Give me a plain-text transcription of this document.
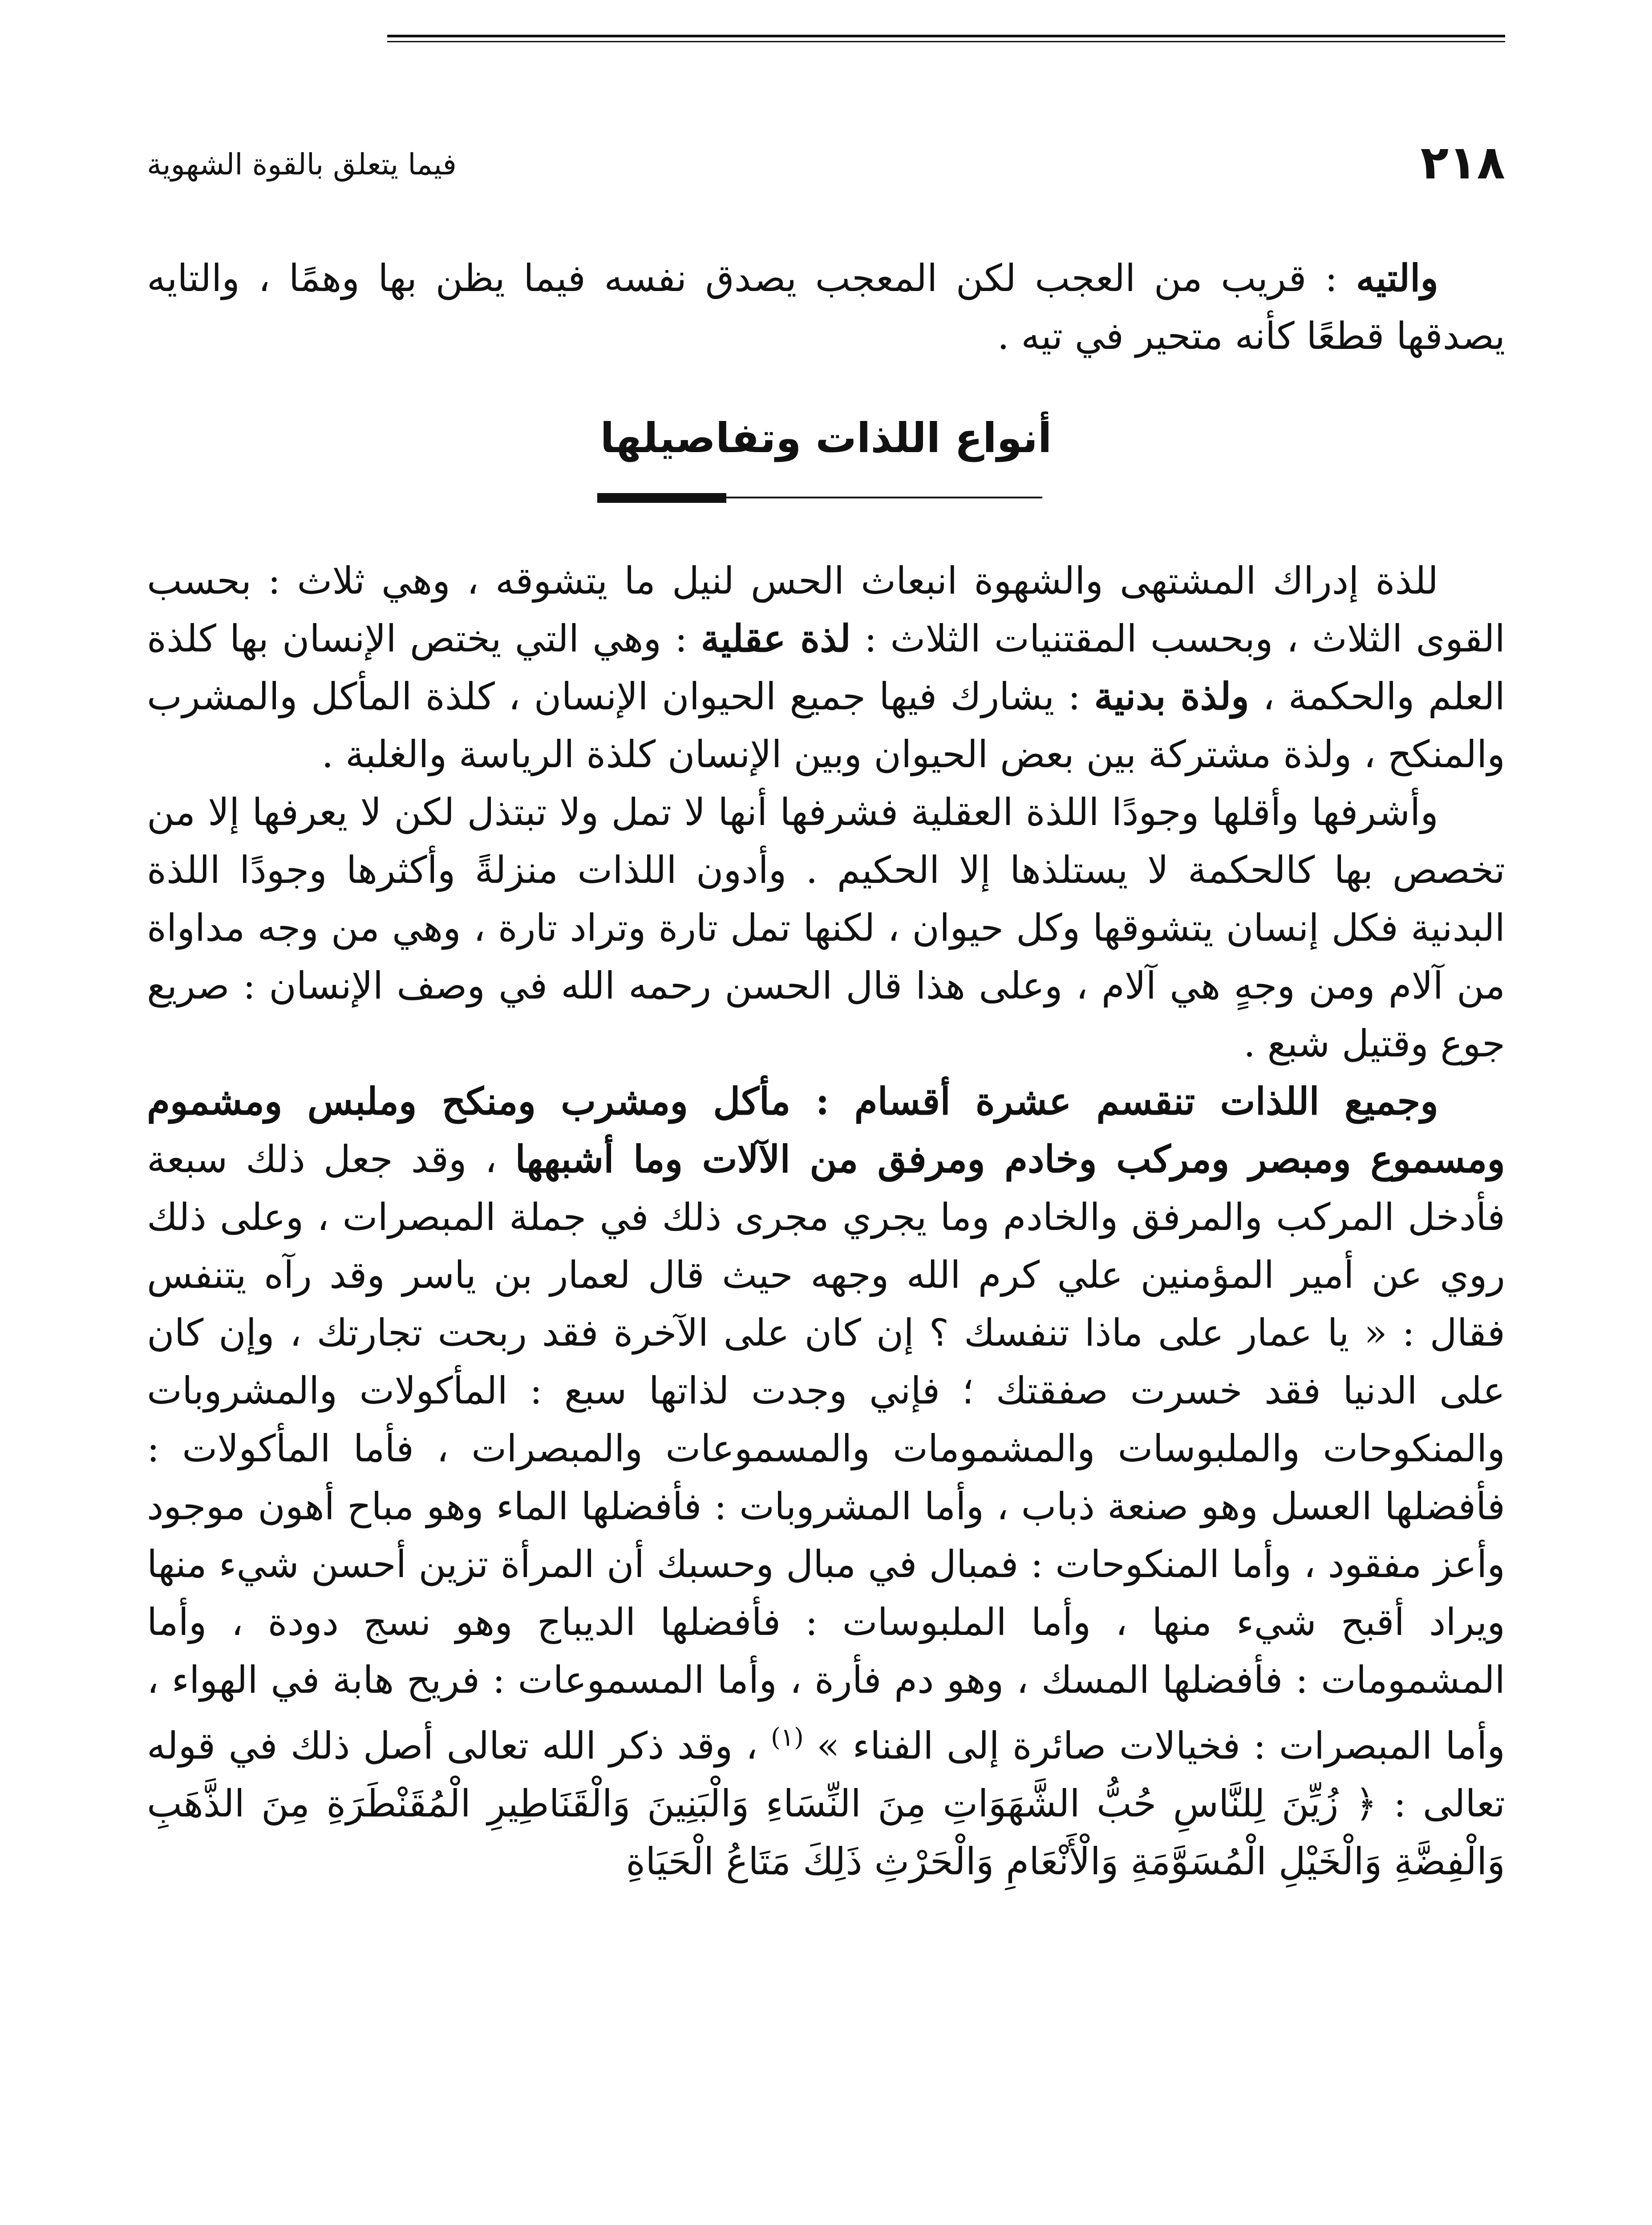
٢١٨
فيما يتعلق بالقوة الشهوية

والتيه : قريب من العجب لكن المعجب يصدق نفسه فيما يظن بها وهمًا ، والتايه يصدقها قطعًا كأنه متحير في تيه .

أنواع اللذات وتفاصيلها

للذة إدراك المشتهى والشهوة انبعاث الحس لنيل ما يتشوقه ، وهي ثلاث : بحسب القوى الثلاث ، وبحسب المقتنيات الثلاث : لذة عقلية : وهي التي يختص الإنسان بها كلذة العلم والحكمة ، ولذة بدنية : يشارك فيها جميع الحيوان الإنسان ، كلذة المأكل والمشرب والمنكح ، ولذة مشتركة بين بعض الحيوان وبين الإنسان كلذة الرياسة والغلبة .

وأشرفها وأقلها وجودًا اللذة العقلية فشرفها أنها لا تمل ولا تبتذل لكن لا يعرفها إلا من تخصص بها كالحكمة لا يستلذها إلا الحكيم . وأدون اللذات منزلةً وأكثرها وجودًا اللذة البدنية فكل إنسان يتشوقها وكل حيوان ، لكنها تمل تارة وتراد تارة ، وهي من وجه مداواة من آلام ومن وجهٍ هي آلام ، وعلى هذا قال الحسن رحمه الله في وصف الإنسان : صريع جوع وقتيل شبع .

وجميع اللذات تنقسم عشرة أقسام : مأكل ومشرب ومنكح وملبس ومشموم ومسموع ومبصر ومركب وخادم ومرفق من الآلات وما أشبهها ، وقد جعل ذلك سبعة فأدخل المركب والمرفق والخادم وما يجري مجرى ذلك في جملة المبصرات ، وعلى ذلك روي عن أمير المؤمنين علي كرم الله وجهه حيث قال لعمار بن ياسر وقد رآه يتنفس فقال : « يا عمار على ماذا تنفسك ؟ إن كان على الآخرة فقد ربحت تجارتك ، وإن كان على الدنيا فقد خسرت صفقتك ؛ فإني وجدت لذاتها سبع : المأكولات والمشروبات والمنكوحات والملبوسات والمشمومات والمسموعات والمبصرات ، فأما المأكولات : فأفضلها العسل وهو صنعة ذباب ، وأما المشروبات : فأفضلها الماء وهو مباح أهون موجود وأعز مفقود ، وأما المنكوحات : فمبال في مبال وحسبك أن المرأة تزين أحسن شيء منها ويراد أقبح شيء منها ، وأما الملبوسات : فأفضلها الديباج وهو نسج دودة ، وأما المشمومات : فأفضلها المسك ، وهو دم فأرة ، وأما المسموعات : فريح هابة في الهواء ، وأما المبصرات : فخيالات صائرة إلى الفناء » $^{(١)}$ ، وقد ذكر الله تعالى أصل ذلك في قوله تعالى : ﴿ زُيِّنَ لِلنَّاسِ حُبُّ الشَّهَوَاتِ مِنَ النِّسَاءِ وَالْبَنِينَ وَالْقَنَاطِيرِ الْمُقَنْطَرَةِ مِنَ الذَّهَبِ وَالْفِضَّةِ وَالْخَيْلِ الْمُسَوَّمَةِ وَالْأَنْعَامِ وَالْحَرْثِ ذَلِكَ مَتَاعُ الْحَيَاةِ
